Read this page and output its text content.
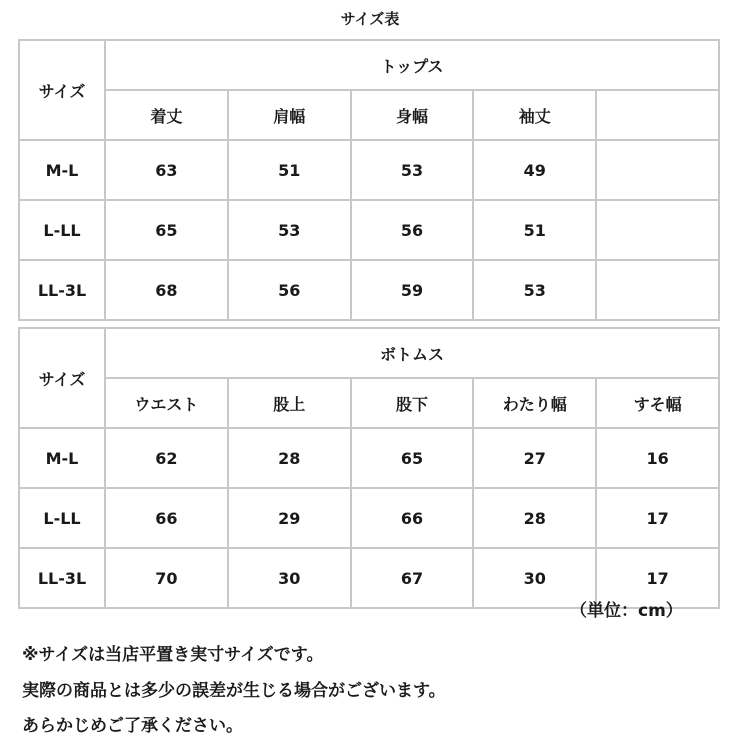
サイズ表
サイズ	トップス				
	着丈	肩幅	身幅	袖丈	
M-L	63	51	53	49	
L-LL	65	53	56	51	
LL-3L	68	56	59	53	
サイズ	ボトムス				
	ウエスト	股上	股下	わたり幅	すそ幅
M-L	62	28	65	27	16
L-LL	66	29	66	28	17
LL-3L	70	30	67	30	17
（単位：cm）
※サイズは当店平置き実寸サイズです。
実際の商品とは多少の誤差が生じる場合がございます。
あらかじめご了承ください。
